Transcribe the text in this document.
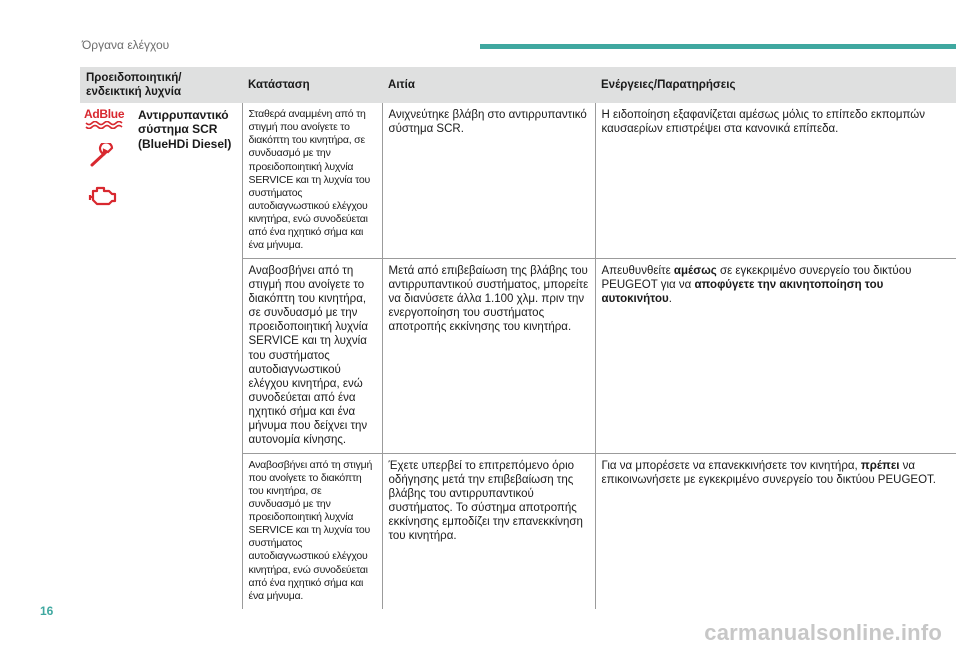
Όργανα ελέγχου
Προειδοποιητική/ενδεικτική λυχνία		Κατάσταση	Αιτία	Ενέργειες/Παρατηρήσεις
AdBlue	Αντιρρυπαντικό σύστημα SCR (BlueHDi Diesel)	Σταθερά αναμμένη από τη στιγμή που ανοίγετε το διακόπτη του κινητήρα, σε συνδυασμό με την προειδοποιητική λυχνία SERVICE και τη λυχνία του συστήματος αυτοδιαγνωστικού ελέγχου κινητήρα, ενώ συνοδεύεται από ένα ηχητικό σήμα και ένα μήνυμα.	Ανιχνεύτηκε βλάβη στο αντιρρυπαντικό σύστημα SCR.	Η ειδοποίηση εξαφανίζεται αμέσως μόλις το επίπεδο εκπομπών καυσαερίων επιστρέψει στα κανονικά επίπεδα.
		Αναβοσβήνει από τη στιγμή που ανοίγετε το διακόπτη του κινητήρα, σε συνδυασμό με την προειδοποιητική λυχνία SERVICE και τη λυχνία του συστήματος αυτοδιαγνωστικού ελέγχου κινητήρα, ενώ συνοδεύεται από ένα ηχητικό σήμα και ένα μήνυμα που δείχνει την αυτονομία κίνησης.	Μετά από επιβεβαίωση της βλάβης του αντιρρυπαντικού συστήματος, μπορείτε να διανύσετε άλλα 1.100 χλμ. πριν την ενεργοποίηση του συστήματος αποτροπής εκκίνησης του κινητήρα.	Απευθυνθείτε αμέσως σε εγκεκριμένο συνεργείο του δικτύου PEUGEOT για να αποφύγετε την ακινητοποίηση του αυτοκινήτου.
		Αναβοσβήνει από τη στιγμή που ανοίγετε το διακόπτη του κινητήρα, σε συνδυασμό με την προειδοποιητική λυχνία SERVICE και τη λυχνία του συστήματος αυτοδιαγνωστικού ελέγχου κινητήρα, ενώ συνοδεύεται από ένα ηχητικό σήμα και ένα μήνυμα.	Έχετε υπερβεί το επιτρεπόμενο όριο οδήγησης μετά την επιβεβαίωση της βλάβης του αντιρρυπαντικού συστήματος. Το σύστημα αποτροπής εκκίνησης εμποδίζει την επανεκκίνηση του κινητήρα.	Για να μπορέσετε να επανεκκινήσετε τον κινητήρα, πρέπει να επικοινωνήσετε με εγκεκριμένο συνεργείο του δικτύου PEUGEOT.
16
carmanualsonline.info
